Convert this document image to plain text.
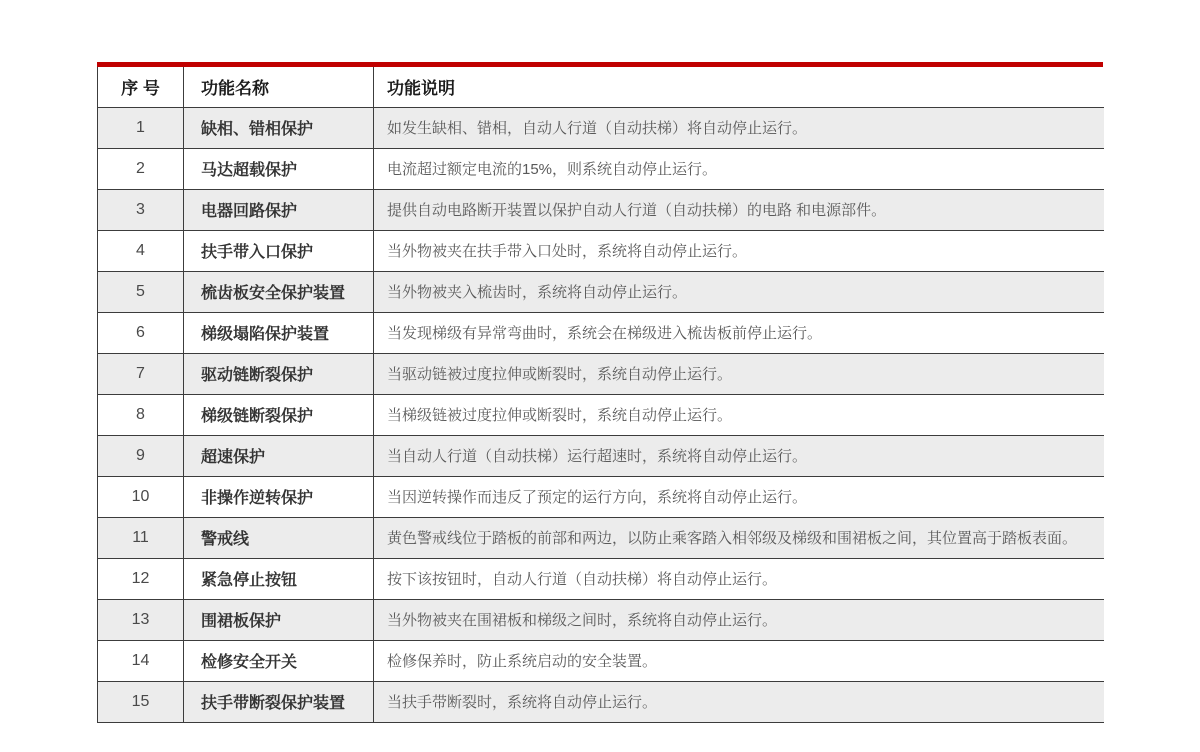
序 号	功能名称	功能说明
1	缺相、错相保护	如发生缺相、错相，自动人行道（自动扶梯）将自动停止运行。
2	马达超载保护	电流超过额定电流的15%，则系统自动停止运行。
3	电器回路保护	提供自动电路断开装置以保护自动人行道（自动扶梯）的电路 和电源部件。
4	扶手带入口保护	当外物被夹在扶手带入口处时，系统将自动停止运行。
5	梳齿板安全保护装置	当外物被夹入梳齿时，系统将自动停止运行。
6	梯级塌陷保护装置	当发现梯级有异常弯曲时，系统会在梯级进入梳齿板前停止运行。
7	驱动链断裂保护	当驱动链被过度拉伸或断裂时，系统自动停止运行。
8	梯级链断裂保护	当梯级链被过度拉伸或断裂时，系统自动停止运行。
9	超速保护	当自动人行道（自动扶梯）运行超速时，系统将自动停止运行。
10	非操作逆转保护	当因逆转操作而违反了预定的运行方向，系统将自动停止运行。
11	警戒线	黄色警戒线位于踏板的前部和两边，以防止乘客踏入相邻级及梯级和围裙板之间，其位置高于踏板表面。
12	紧急停止按钮	按下该按钮时，自动人行道（自动扶梯）将自动停止运行。
13	围裙板保护	当外物被夹在围裙板和梯级之间时，系统将自动停止运行。
14	检修安全开关	检修保养时，防止系统启动的安全装置。
15	扶手带断裂保护装置	当扶手带断裂时，系统将自动停止运行。
